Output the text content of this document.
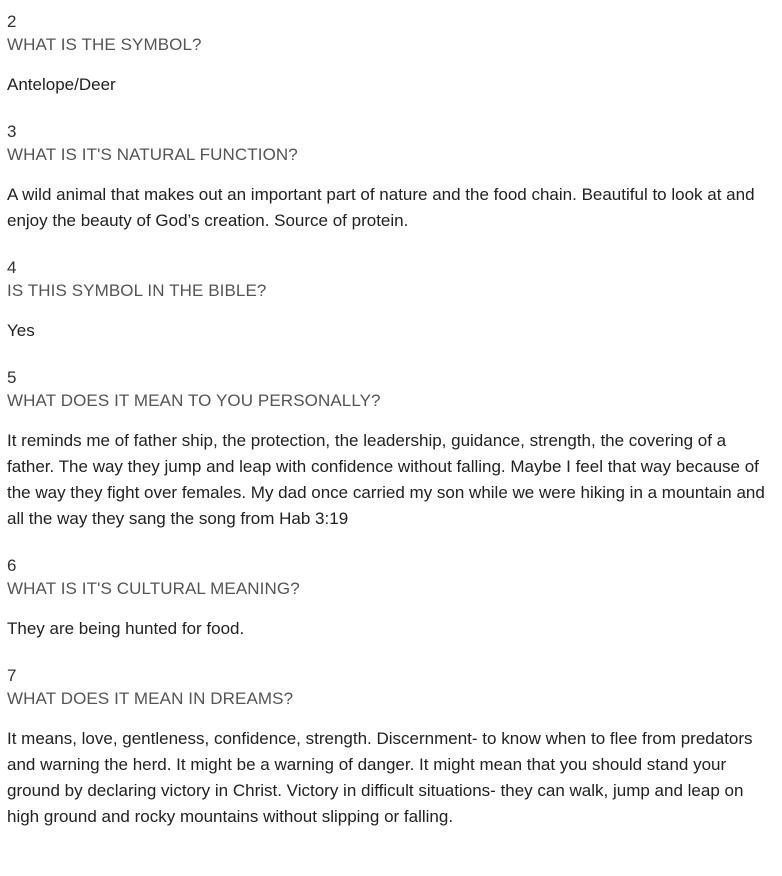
2
WHAT IS THE SYMBOL?
Antelope/Deer
3
WHAT IS IT'S NATURAL FUNCTION?
A wild animal that makes out an important part of nature and the food chain. Beautiful to look at and enjoy the beauty of God’s creation. Source of protein.
4
IS THIS SYMBOL IN THE BIBLE?
Yes
5
WHAT DOES IT MEAN TO YOU PERSONALLY?
It reminds me of father ship, the protection, the leadership, guidance, strength, the covering of a father. The way they jump and leap with confidence without falling. Maybe I feel that way because of the way they fight over females. My dad once carried my son while we were hiking in a mountain and all the way they sang the song from Hab 3:19
6
WHAT IS IT'S CULTURAL MEANING?
They are being hunted for food.
7
WHAT DOES IT MEAN IN DREAMS?
It means, love, gentleness, confidence, strength. Discernment- to know when to flee from predators and warning the herd. It might be a warning of danger. It might mean that you should stand your ground by declaring victory in Christ. Victory in difficult situations- they can walk, jump and leap on high ground and rocky mountains without slipping or falling.
